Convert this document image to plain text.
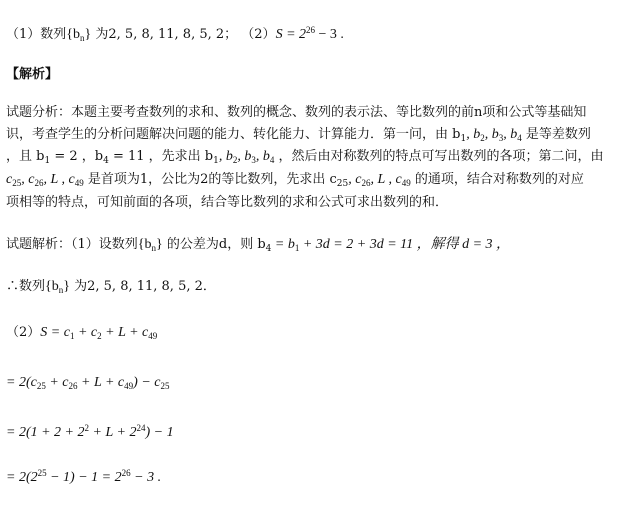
（1）数列$\{b_n\}$ 为2, 5, 8, 11, 8, 5, 2； $(2)S = 2^{26} - 3$ .
【解析】
试题分析：本题主要考查数列的求和、数列的概念、数列的表示法、等比数列的前n项和公式等基础知
识，考查学生的分析问题解决问题的能力、转化能力、计算能力．第一问，由 $b_1$, $b_2$, $b_3$, $b_4$ 是等差数列
，且 $b_1 = 2$ ，$b_4 = 11$ ，先求出 $b_1$, $b_2$, $b_3$, $b_4$ ，然后由对称数列的特点可写出数列的各项；第二问，由
$c_{25}$, $c_{26}$, L , $c_{49}$ 是首项为1，公比为2的等比数列，先求出 $c_{25}$, $c_{26}$, L , $c_{49}$ 的通项，结合对称数列的对应
项相等的特点，可知前面的各项，结合等比数列的求和公式可求出数列的和．
试题解析：（1）设数列$\{b_n\}$ 的公差为d，则 $b_4 = b_1 + 3d = 2 + 3d = 11$ ，解得 d = 3 ，
∴数列$\{b_n\}$ 为2, 5, 8, 11, 8, 5, 2．
$(2)S = c_1 + c_2 + L + c_{49}$
= $2(c_{25} + c_{26} + L + c_{49}) - c_{25}$
= $2(1 + 2 + 2^2 + L + 2^{24}) - 1$
= $2(2^{25} - 1) - 1 = 2^{26} - 3$ .
